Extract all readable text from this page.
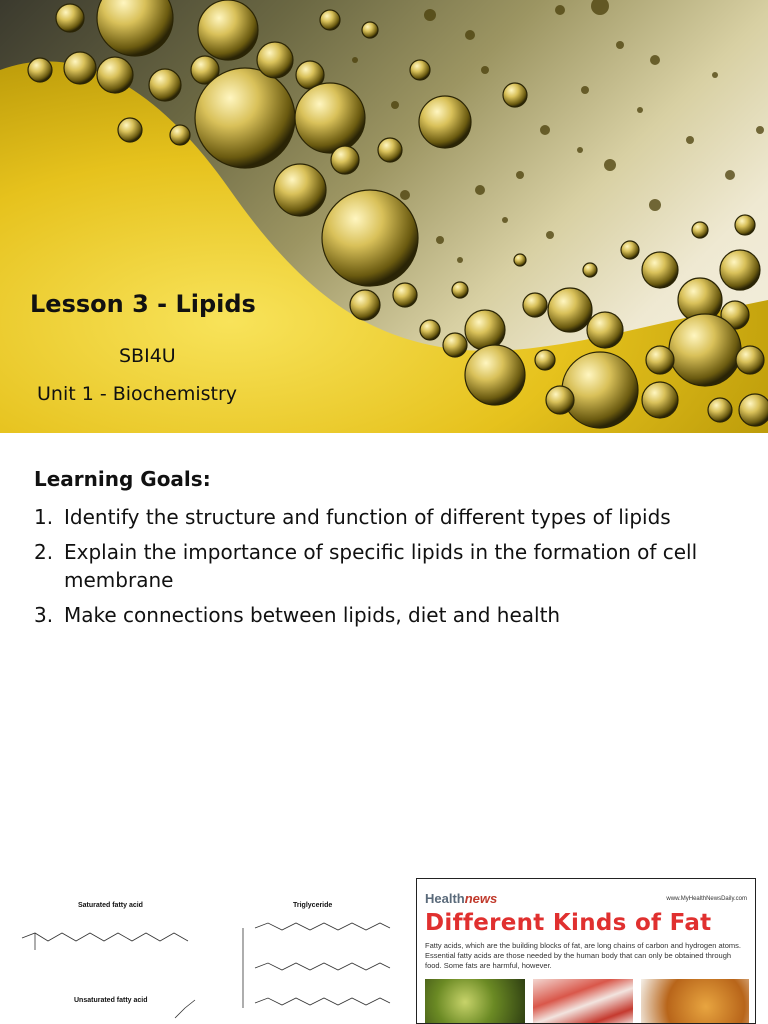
Lesson 3 - Lipids
SBI4U
Unit 1 - Biochemistry
Learning Goals:
1. Identify the structure and function of different types of lipids
2. Explain the importance of specific lipids in the formation of cell membrane
3. Make connections between lipids, diet and health
Saturated fatty acid	Triglyceride
Unsaturated fatty acid
Healthnews	www.MyHealthNewsDaily.com
Different Kinds of Fat
Fatty acids, which are the building blocks of fat, are long chains of carbon and hydrogen atoms. Essential fatty acids are those needed by the human body that can only be obtained through food. Some fats are harmful, however.
